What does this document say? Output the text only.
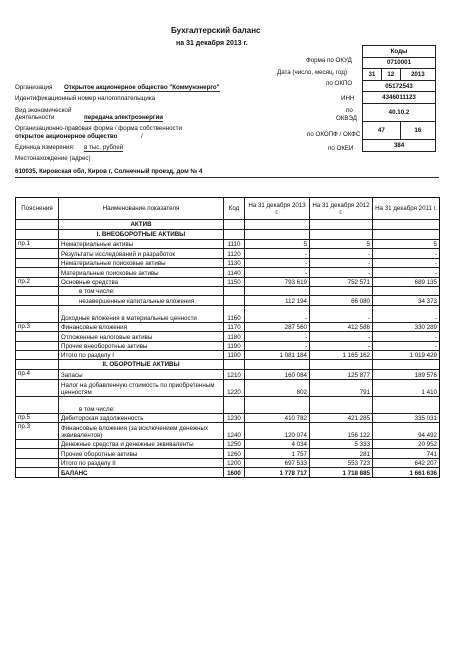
Бухгалтерский баланс
на 31 декабря 2013 г.
Коды		
0710001		
31	12	2013
05172543		
4346011123		
40.10.2		
47		16
384		
Форма по ОКУД
Дата (число, месяц, год)
по ОКПО
ИНН
по
ОКВЭД
по ОКОПФ / ОКФС
по ОКЕИ
Организация Открытое акционерное общество "Коммунэнерго"
Идентификационный номер налогоплательщика
Вид экономической
деятельности	передача электроэнергии
Организационно-правовая форма / форма собственности
открытое акционерное общество	/
Единица измерения: в тыс. рублей
Местонахождение (адрес)
610035, Кировская обл, Киров г, Солнечный проезд, дом № 4
Пояснения	Наименование показателя	Код	На 31 декабря 2013 г.	На 31 декабря 2012 г.	На 31 декабря 2011 г.
	АКТИВ				
	I. ВНЕОБОРОТНЫЕ АКТИВЫ				
пр.1	Нематериальные активы	1110	5	5	5
	Результаты исследований и разработок	1120	-	-	-
	Нематериальные поисковые активы	1130	-	-	-
	Материальные поисковые активы	1140	-	-	-
пр.2	Основные средства	1150	793 619	752 571	689 135
	в том числе:				
	незавершенные капитальные вложения		112 194	66 080	34 373
	Доходные вложения в материальные ценности	1160	-	-	-
пр.3	Финансовые вложения	1170	287 560	412 586	330 289
	Отложенные налоговые активы	1180	-	-	-
	Прочие внеоборотные активы	1190	-	-	-
	Итого по разделу I	1100	1 081 184	1 165 162	1 019 429
	II. ОБОРОТНЫЕ АКТИВЫ				
пр.4	Запасы	1210	160 084	125 877	189 576
	Налог на добавленную стоимость по приобретенным ценностям	1220	802	791	1 410
	в том числе:				
пр.5	Дебиторская задолженность	1230	410 782	421 285	335 031
пр.3	Финансовые вложения (за исключением денежных эквивалентов)	1240	120 074	156 122	94 492
	Денежные средства и денежные эквиваленты	1250	4 034	5 333	20 952
	Прочие оборотные активы	1260	1 757	281	741
	Итого по разделу II	1200	697 533	553 723	642 207
	БАЛАНС	1600	1 778 717	1 718 885	1 661 636
